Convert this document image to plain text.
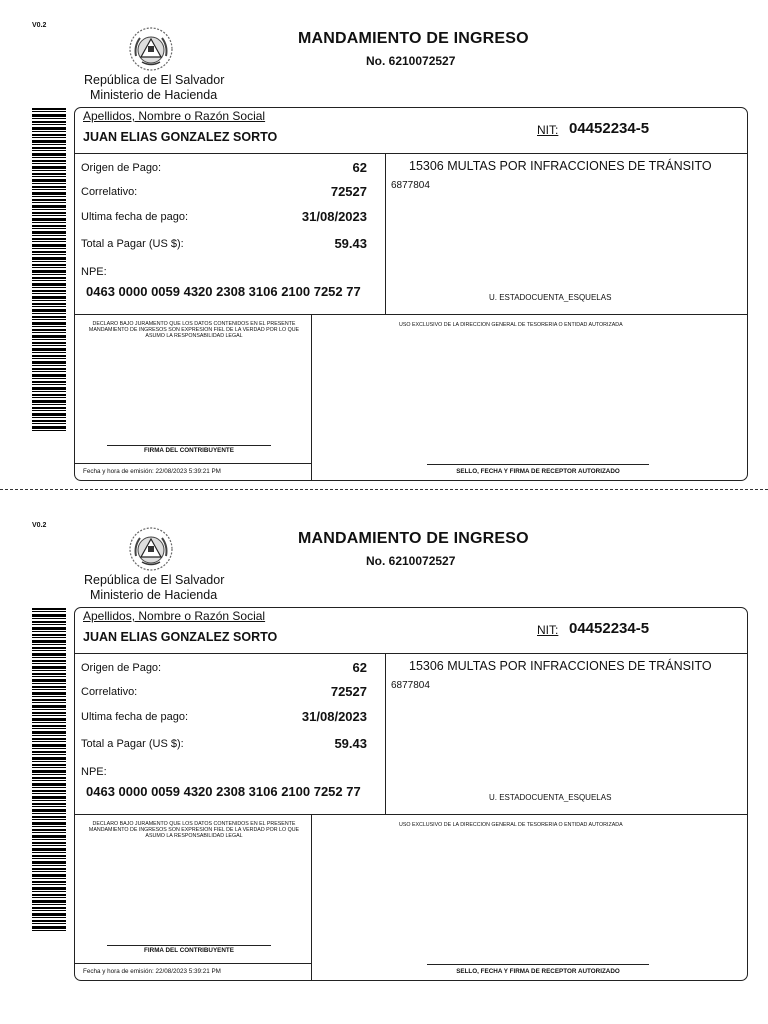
V0.2
MANDAMIENTO DE INGRESO
No. 6210072527
República de El Salvador
Ministerio de Hacienda
Apellidos, Nombre o Razón Social
JUAN ELIAS GONZALEZ SORTO	NIT: 04452234-5
Origen de Pago:	62
Correlativo:	72527
Ultima fecha de pago:	31/08/2023
Total a Pagar (US $):	59.43
NPE:
0463 0000 0059 4320 2308 3106 2100 7252 77
15306 MULTAS POR INFRACCIONES DE TRÁNSITO
6877804
U. ESTADOCUENTA_ESQUELAS
DECLARO BAJO JURAMENTO QUE LOS DATOS CONTENIDOS EN EL PRESENTE MANDAMIENTO DE INGRESOS SON EXPRESION FIEL DE LA VERDAD POR LO QUE ASUMO LA RESPONSABILIDAD LEGAL
USO EXCLUSIVO DE LA DIRECCION GENERAL DE TESORERIA O ENTIDAD AUTORIZADA
FIRMA DEL CONTRIBUYENTE
Fecha y hora de emisión: 22/08/2023 5:39:21 PM	SELLO, FECHA Y FIRMA DE RECEPTOR AUTORIZADO
V0.2
MANDAMIENTO DE INGRESO
No. 6210072527
República de El Salvador
Ministerio de Hacienda
Apellidos, Nombre o Razón Social
JUAN ELIAS GONZALEZ SORTO	NIT: 04452234-5
Origen de Pago:	62
Correlativo:	72527
Ultima fecha de pago:	31/08/2023
Total a Pagar (US $):	59.43
NPE:
0463 0000 0059 4320 2308 3106 2100 7252 77
15306 MULTAS POR INFRACCIONES DE TRÁNSITO
6877804
U. ESTADOCUENTA_ESQUELAS
DECLARO BAJO JURAMENTO QUE LOS DATOS CONTENIDOS EN EL PRESENTE MANDAMIENTO DE INGRESOS SON EXPRESION FIEL DE LA VERDAD POR LO QUE ASUMO LA RESPONSABILIDAD LEGAL
USO EXCLUSIVO DE LA DIRECCION GENERAL DE TESORERIA O ENTIDAD AUTORIZADA
FIRMA DEL CONTRIBUYENTE
Fecha y hora de emisión: 22/08/2023 5:39:21 PM	SELLO, FECHA Y FIRMA DE RECEPTOR AUTORIZADO
